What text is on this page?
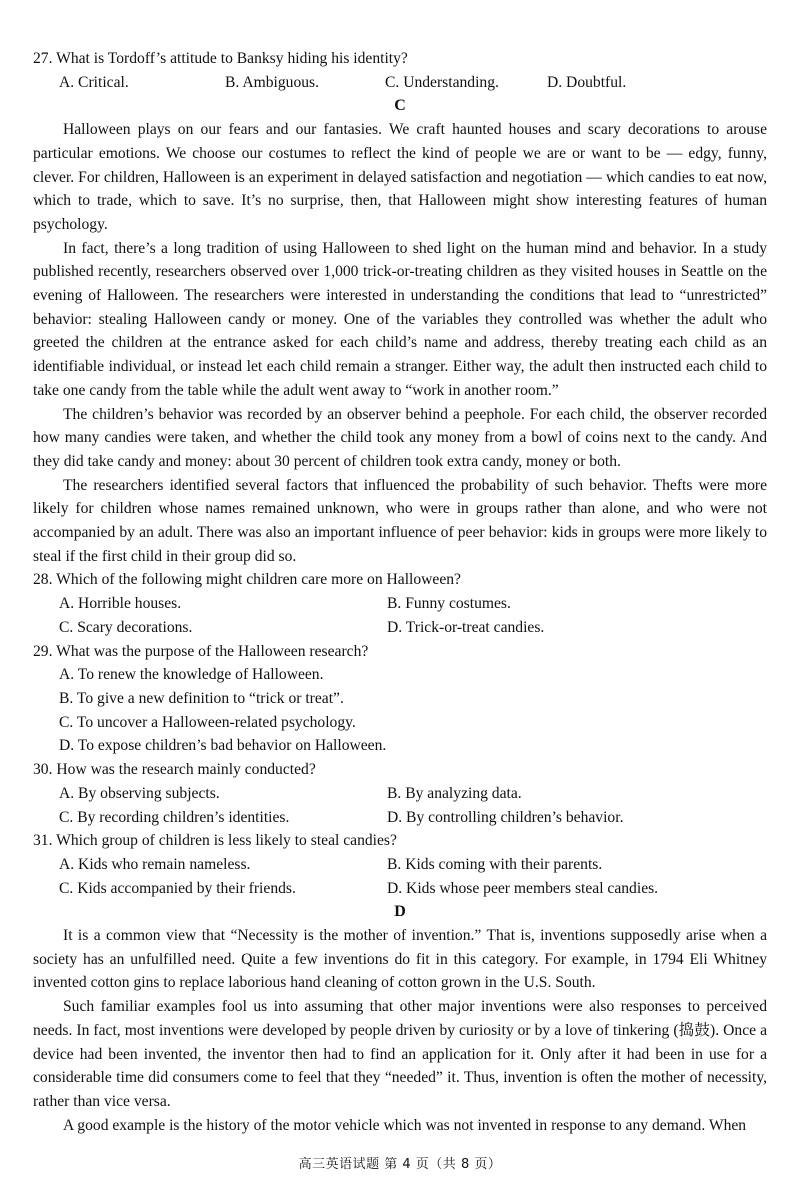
27. What is Tordoff’s attitude to Banksy hiding his identity?

A. Critical.	B. Ambiguous.	C. Understanding.	D. Doubtful.

C

Halloween plays on our fears and our fantasies. We craft haunted houses and scary decorations to arouse particular emotions. We choose our costumes to reflect the kind of people we are or want to be — edgy, funny, clever. For children, Halloween is an experiment in delayed satisfaction and negotiation — which candies to eat now, which to trade, which to save. It’s no surprise, then, that Halloween might show interesting features of human psychology.

In fact, there’s a long tradition of using Halloween to shed light on the human mind and behavior. In a study published recently, researchers observed over 1,000 trick-or-treating children as they visited houses in Seattle on the evening of Halloween. The researchers were interested in understanding the conditions that lead to “unrestricted” behavior: stealing Halloween candy or money. One of the variables they controlled was whether the adult who greeted the children at the entrance asked for each child’s name and address, thereby treating each child as an identifiable individual, or instead let each child remain a stranger. Either way, the adult then instructed each child to take one candy from the table while the adult went away to “work in another room.”

The children’s behavior was recorded by an observer behind a peephole. For each child, the observer recorded how many candies were taken, and whether the child took any money from a bowl of coins next to the candy. And they did take candy and money: about 30 percent of children took extra candy, money or both.

The researchers identified several factors that influenced the probability of such behavior. Thefts were more likely for children whose names remained unknown, who were in groups rather than alone, and who were not accompanied by an adult. There was also an important influence of peer behavior: kids in groups were more likely to steal if the first child in their group did so.

28. Which of the following might children care more on Halloween?

A. Horrible houses.	B. Funny costumes.
C. Scary decorations.	D. Trick-or-treat candies.

29. What was the purpose of the Halloween research?

A. To renew the knowledge of Halloween.
B. To give a new definition to “trick or treat”.
C. To uncover a Halloween-related psychology.
D. To expose children’s bad behavior on Halloween.

30. How was the research mainly conducted?

A. By observing subjects.	B. By analyzing data.
C. By recording children’s identities.	D. By controlling children’s behavior.

31. Which group of children is less likely to steal candies?

A. Kids who remain nameless.	B. Kids coming with their parents.
C. Kids accompanied by their friends.	D. Kids whose peer members steal candies.

D

It is a common view that “Necessity is the mother of invention.” That is, inventions supposedly arise when a society has an unfulfilled need. Quite a few inventions do fit in this category. For example, in 1794 Eli Whitney invented cotton gins to replace laborious hand cleaning of cotton grown in the U.S. South.

Such familiar examples fool us into assuming that other major inventions were also responses to perceived needs. In fact, most inventions were developed by people driven by curiosity or by a love of tinkering (捣鼓). Once a device had been invented, the inventor then had to find an application for it. Only after it had been in use for a considerable time did consumers come to feel that they “needed” it. Thus, invention is often the mother of necessity, rather than vice versa.

A good example is the history of the motor vehicle which was not invented in response to any demand. When

高三英语试题 第 4 页（共 8 页）
